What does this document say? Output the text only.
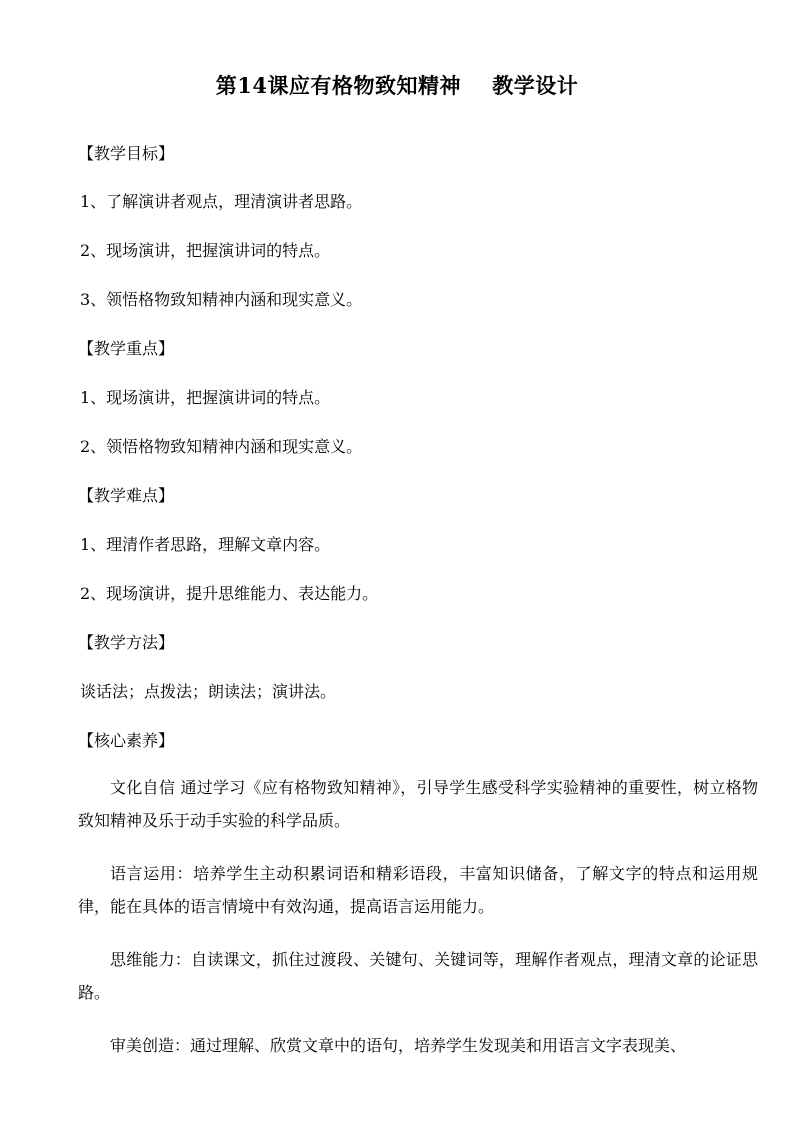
第14课应有格物致知精神    教学设计
【教学目标】
1、了解演讲者观点，理清演讲者思路。
2、现场演讲，把握演讲词的特点。
3、领悟格物致知精神内涵和现实意义。
【教学重点】
1、现场演讲，把握演讲词的特点。
2、领悟格物致知精神内涵和现实意义。
【教学难点】
1、理清作者思路，理解文章内容。
2、现场演讲，提升思维能力、表达能力。
【教学方法】
谈话法；点拨法；朗读法；演讲法。
【核心素养】
文化自信 通过学习《应有格物致知精神》，引导学生感受科学实验精神的重要性，树立格物致知精神及乐于动手实验的科学品质。
语言运用：培养学生主动积累词语和精彩语段，丰富知识储备，了解文字的特点和运用规律，能在具体的语言情境中有效沟通，提高语言运用能力。
思维能力：自读课文，抓住过渡段、关键句、关键词等，理解作者观点，理清文章的论证思路。
审美创造：通过理解、欣赏文章中的语句，培养学生发现美和用语言文字表现美、
